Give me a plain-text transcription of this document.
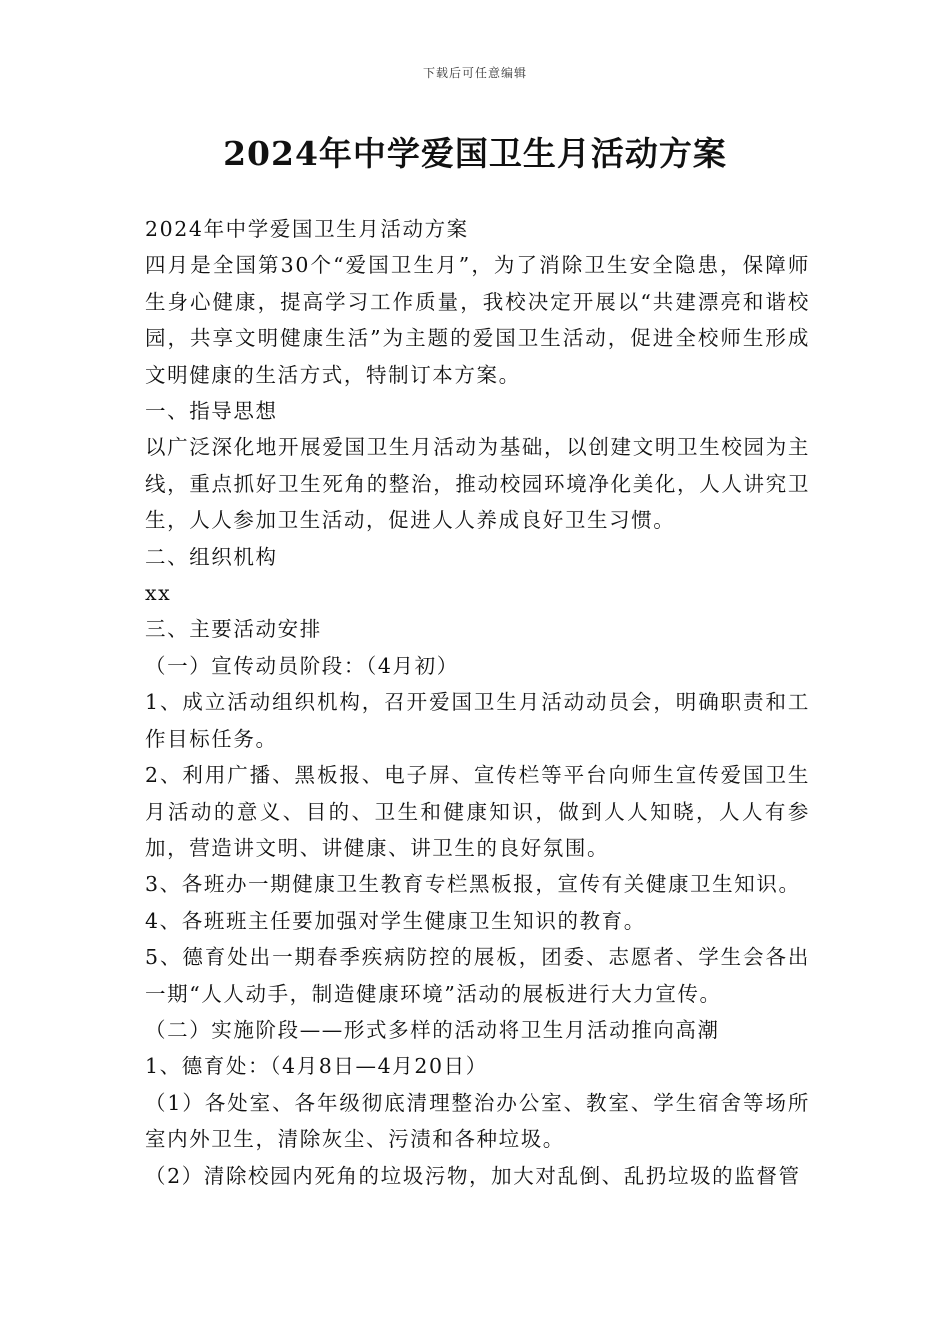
下载后可任意编辑
2024年中学爱国卫生月活动方案

2024年中学爱国卫生月活动方案

四月是全国第30个“爱国卫生月”，为了消除卫生安全隐患，保障师生身心健康，提高学习工作质量，我校决定开展以“共建漂亮和谐校园，共享文明健康生活”为主题的爱国卫生活动，促进全校师生形成文明健康的生活方式，特制订本方案。

一、指导思想

以广泛深化地开展爱国卫生月活动为基础，以创建文明卫生校园为主线，重点抓好卫生死角的整治，推动校园环境净化美化，人人讲究卫生，人人参加卫生活动，促进人人养成良好卫生习惯。

二、组织机构

xx

三、主要活动安排

（一）宣传动员阶段：（4月初）

1、成立活动组织机构，召开爱国卫生月活动动员会，明确职责和工作目标任务。

2、利用广播、黑板报、电子屏、宣传栏等平台向师生宣传爱国卫生月活动的意义、目的、卫生和健康知识，做到人人知晓，人人有参加，营造讲文明、讲健康、讲卫生的良好氛围。

3、各班办一期健康卫生教育专栏黑板报，宣传有关健康卫生知识。

4、各班班主任要加强对学生健康卫生知识的教育。

5、德育处出一期春季疾病防控的展板，团委、志愿者、学生会各出一期“人人动手，制造健康环境”活动的展板进行大力宣传。

（二）实施阶段——形式多样的活动将卫生月活动推向高潮

1、德育处：（4月8日—4月20日）

（1）各处室、各年级彻底清理整治办公室、教室、学生宿舍等场所室内外卫生，清除灰尘、污渍和各种垃圾。

（2）清除校园内死角的垃圾污物，加大对乱倒、乱扔垃圾的监督管
